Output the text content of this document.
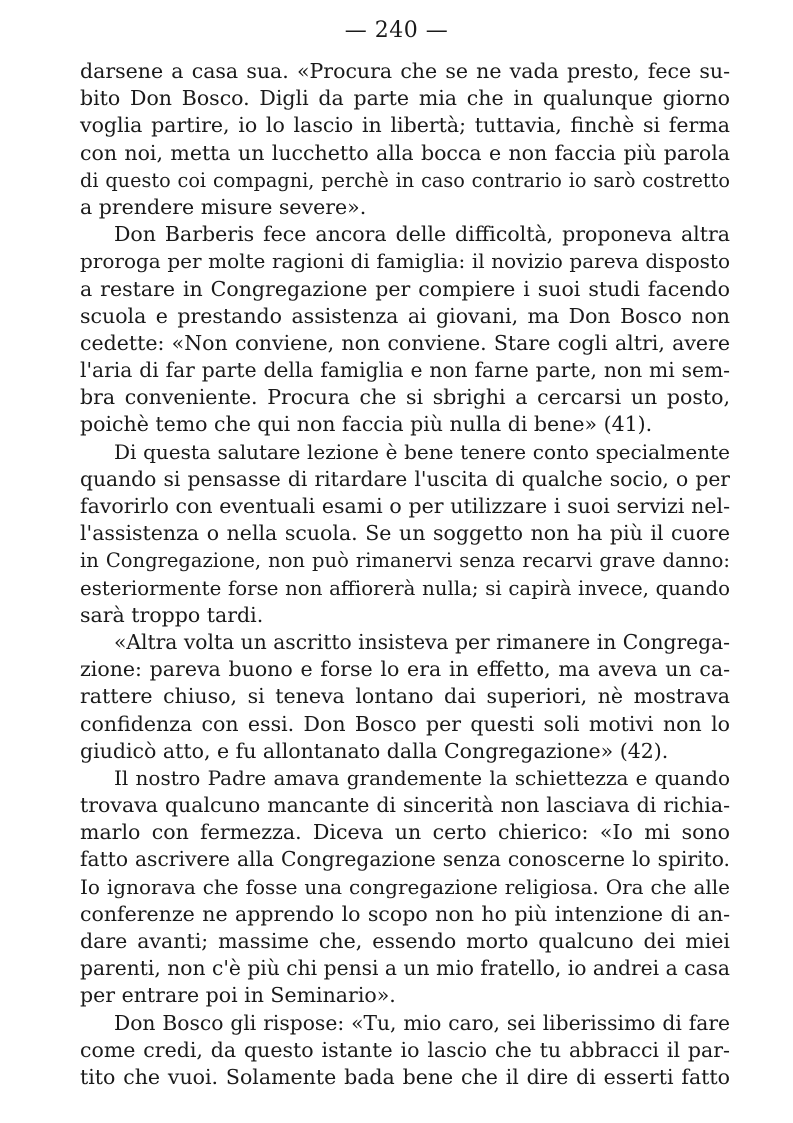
— 240 —
darsene a casa sua. «Procura che se ne vada presto, fece su-
bito Don Bosco. Digli da parte mia che in qualunque giorno
voglia partire, io lo lascio in libertà; tuttavia, finchè si ferma
con noi, metta un lucchetto alla bocca e non faccia più parola
di questo coi compagni, perchè in caso contrario io sarò costretto
a prendere misure severe».
Don Barberis fece ancora delle difficoltà, proponeva altra
proroga per molte ragioni di famiglia: il novizio pareva disposto
a restare in Congregazione per compiere i suoi studi facendo
scuola e prestando assistenza ai giovani, ma Don Bosco non
cedette: «Non conviene, non conviene. Stare cogli altri, avere
l'aria di far parte della famiglia e non farne parte, non mi sem-
bra conveniente. Procura che si sbrighi a cercarsi un posto,
poichè temo che qui non faccia più nulla di bene» (41).
Di questa salutare lezione è bene tenere conto specialmente
quando si pensasse di ritardare l'uscita di qualche socio, o per
favorirlo con eventuali esami o per utilizzare i suoi servizi nel-
l'assistenza o nella scuola. Se un soggetto non ha più il cuore
in Congregazione, non può rimanervi senza recarvi grave danno:
esteriormente forse non affiorerà nulla; si capirà invece, quando
sarà troppo tardi.
«Altra volta un ascritto insisteva per rimanere in Congrega-
zione: pareva buono e forse lo era in effetto, ma aveva un ca-
rattere chiuso, si teneva lontano dai superiori, nè mostrava
confidenza con essi. Don Bosco per questi soli motivi non lo
giudicò atto, e fu allontanato dalla Congregazione» (42).
Il nostro Padre amava grandemente la schiettezza e quando
trovava qualcuno mancante di sincerità non lasciava di richia-
marlo con fermezza. Diceva un certo chierico: «Io mi sono
fatto ascrivere alla Congregazione senza conoscerne lo spirito.
Io ignorava che fosse una congregazione religiosa. Ora che alle
conferenze ne apprendo lo scopo non ho più intenzione di an-
dare avanti; massime che, essendo morto qualcuno dei miei
parenti, non c'è più chi pensi a un mio fratello, io andrei a casa
per entrare poi in Seminario».
Don Bosco gli rispose: «Tu, mio caro, sei liberissimo di fare
come credi, da questo istante io lascio che tu abbracci il par-
tito che vuoi. Solamente bada bene che il dire di esserti fatto
